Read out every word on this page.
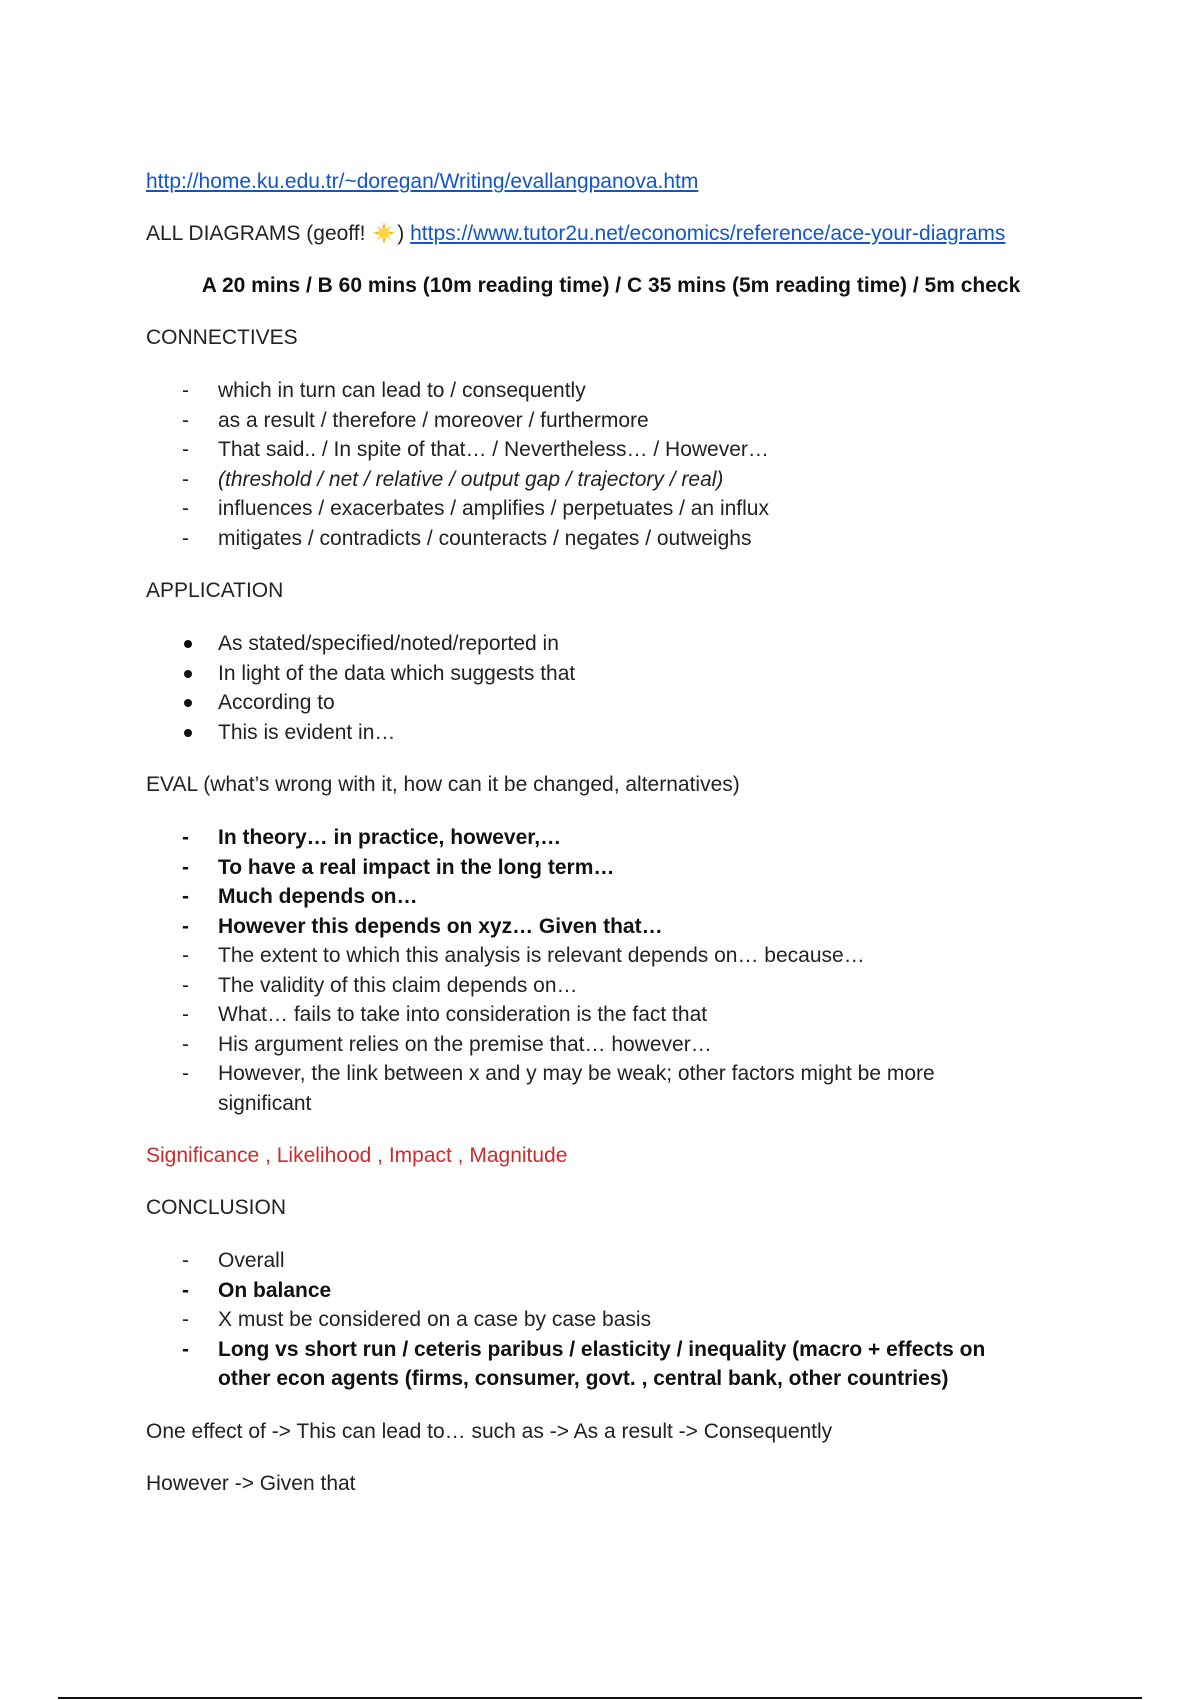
http://home.ku.edu.tr/~doregan/Writing/evallangpanova.htm

ALL DIAGRAMS (geoff! ) https://www.tutor2u.net/economics/reference/ace-your-diagrams

A 20 mins / B 60 mins (10m reading time) / C 35 mins (5m reading time) / 5m check

CONNECTIVES

-
which in turn can lead to / consequently
-
as a result / therefore / moreover / furthermore
-
That said.. / In spite of that… / Nevertheless… / However…
-
(threshold / net / relative / output gap / trajectory / real)
-
influences / exacerbates / amplifies / perpetuates / an influx
-
mitigates / contradicts / counteracts / negates / outweighs

APPLICATION

As stated/specified/noted/reported in
In light of the data which suggests that
According to
This is evident in…

EVAL (what’s wrong with it, how can it be changed, alternatives)

-
In theory… in practice, however,…
-
To have a real impact in the long term…
-
Much depends on…
-
However this depends on xyz… Given that…
-
The extent to which this analysis is relevant depends on… because…
-
The validity of this claim depends on…
-
What… fails to take into consideration is the fact that
-
His argument relies on the premise that… however…
-
However, the link between x and y may be weak; other factors might be more
significant

Significance , Likelihood , Impact , Magnitude

CONCLUSION

-
Overall
-
On balance
-
X must be considered on a case by case basis
-
Long vs short run / ceteris paribus / elasticity / inequality (macro + effects on
other econ agents (firms, consumer, govt. , central bank, other countries)

One effect of -> This can lead to… such as -> As a result -> Consequently

However -> Given that
